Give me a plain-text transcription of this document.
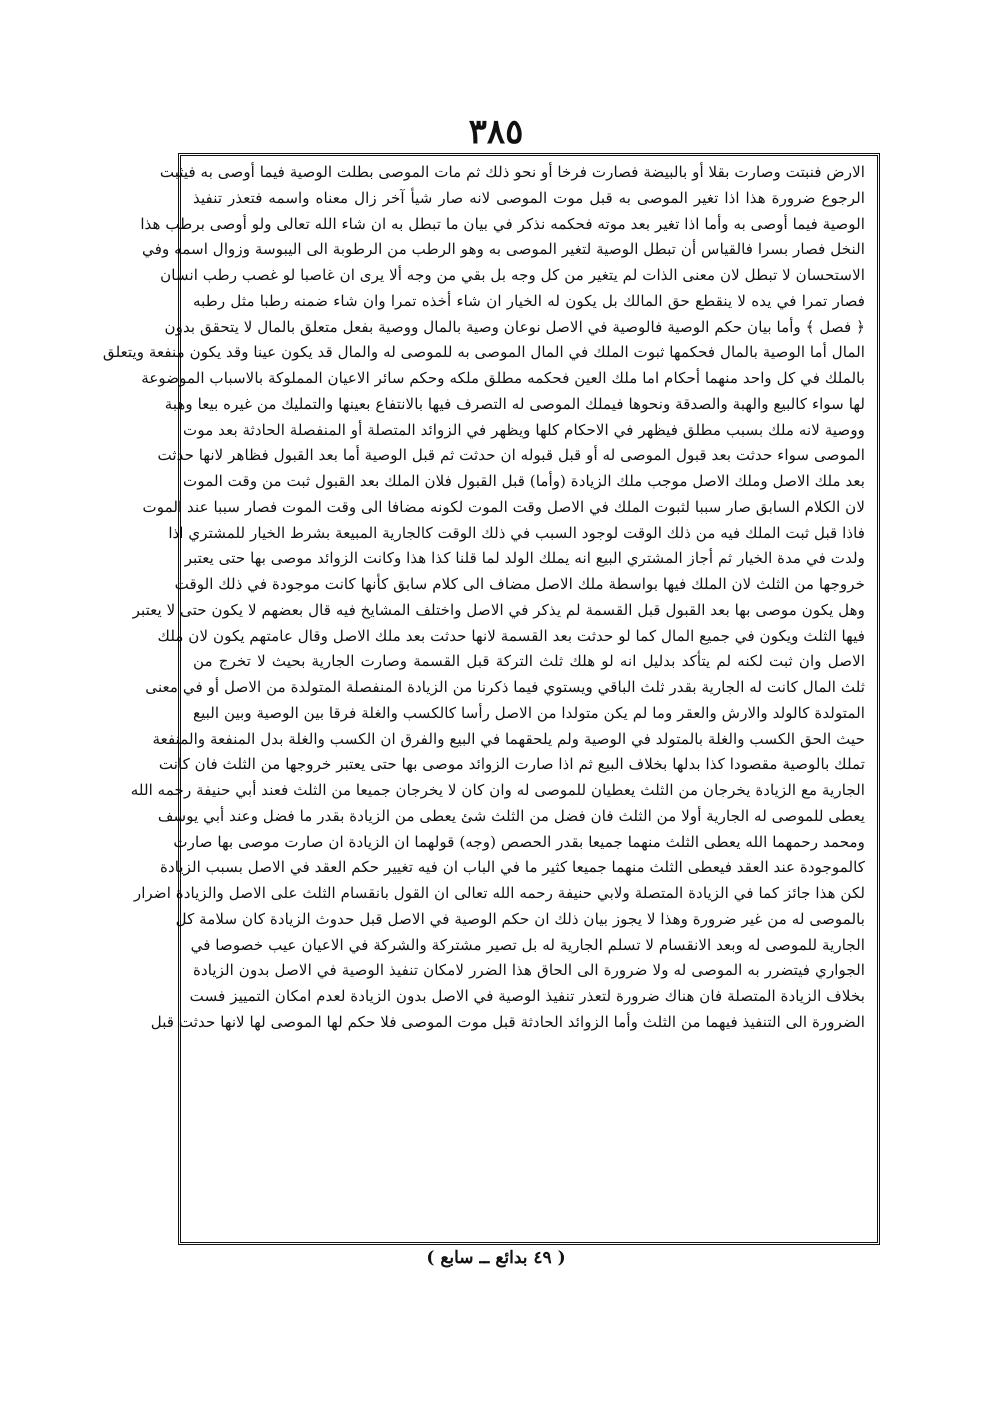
٣٨٥
الارض فنبتت وصارت بقلا أو بالبيضة فصارت فرخا أو نحو ذلك ثم مات الموصى بطلت الوصية فيما أوصى به فيثبت
الرجوع ضرورة هذا اذا تغير الموصى به قبل موت الموصى لانه صار شيأ آخر زال معناه واسمه فتعذر تنفيذ
الوصية فيما أوصى به وأما اذا تغير بعد موته فحكمه نذكر في بيان ما تبطل به ان شاء الله تعالى ولو أوصى برطب هذا
النخل فصار بسرا فالقياس أن تبطل الوصية لتغير الموصى به وهو الرطب من الرطوبة الى اليبوسة وزوال اسمه وفي
الاستحسان لا تبطل لان معنى الذات لم يتغير من كل وجه بل بقي من وجه ألا يرى ان غاصبا لو غصب رطب انسان
فصار تمرا في يده لا ينقطع حق المالك بل يكون له الخيار ان شاء أخذه تمرا وان شاء ضمنه رطبا مثل رطبه
﴿ فصل ﴾ وأما بيان حكم الوصية فالوصية في الاصل نوعان وصية بالمال ووصية بفعل متعلق بالمال لا يتحقق بدون
المال أما الوصية بالمال فحكمها ثبوت الملك في المال الموصى به للموصى له والمال قد يكون عينا وقد يكون منفعة ويتعلق
بالملك في كل واحد منهما أحكام اما ملك العين فحكمه مطلق ملكه وحكم سائر الاعيان المملوكة بالاسباب الموضوعة
لها سواء كالبيع والهبة والصدقة ونحوها فيملك الموصى له التصرف فيها بالانتفاع بعينها والتمليك من غيره بيعا وهبة
ووصية لانه ملك بسبب مطلق فيظهر في الاحكام كلها ويظهر في الزوائد المتصلة أو المنفصلة الحادثة بعد موت
الموصى سواء حدثت بعد قبول الموصى له أو قبل قبوله ان حدثت ثم قبل الوصية أما بعد القبول فظاهر لانها حدثت
بعد ملك الاصل وملك الاصل موجب ملك الزيادة (وأما) قبل القبول فلان الملك بعد القبول ثبت من وقت الموت
لان الكلام السابق صار سببا لثبوت الملك في الاصل وقت الموت لكونه مضافا الى وقت الموت فصار سببا عند الموت
فاذا قبل ثبت الملك فيه من ذلك الوقت لوجود السبب في ذلك الوقت كالجارية المبيعة بشرط الخيار للمشتري اذا
ولدت في مدة الخيار ثم أجاز المشتري البيع انه يملك الولد لما قلنا كذا هذا وكانت الزوائد موصى بها حتى يعتبر
خروجها من الثلث لان الملك فيها بواسطة ملك الاصل مضاف الى كلام سابق كأنها كانت موجودة في ذلك الوقت
وهل يكون موصى بها بعد القبول قبل القسمة لم يذكر في الاصل واختلف المشايخ فيه قال بعضهم لا يكون حتى لا يعتبر
فيها الثلث ويكون في جميع المال كما لو حدثت بعد القسمة لانها حدثت بعد ملك الاصل وقال عامتهم يكون لان ملك
الاصل وان ثبت لكنه لم يتأكد بدليل انه لو هلك ثلث التركة قبل القسمة وصارت الجارية بحيث لا تخرج من
ثلث المال كانت له الجارية بقدر ثلث الباقي ويستوي فيما ذكرنا من الزيادة المنفصلة المتولدة من الاصل أو في معنى
المتولدة كالولد والارش والعقر وما لم يكن متولدا من الاصل رأسا كالكسب والغلة فرقا بين الوصية وبين البيع
حيث الحق الكسب والغلة بالمتولد في الوصية ولم يلحقهما في البيع والفرق ان الكسب والغلة بدل المنفعة والمنفعة
تملك بالوصية مقصودا كذا بدلها بخلاف البيع ثم اذا صارت الزوائد موصى بها حتى يعتبر خروجها من الثلث فان كانت
الجارية مع الزيادة يخرجان من الثلث يعطيان للموصى له وان كان لا يخرجان جميعا من الثلث فعند أبي حنيفة رحمه الله
يعطى للموصى له الجارية أولا من الثلث فان فضل من الثلث شئ يعطى من الزيادة بقدر ما فضل وعند أبي يوسف
ومحمد رحمهما الله يعطى الثلث منهما جميعا بقدر الحصص (وجه) قولهما ان الزيادة ان صارت موصى بها صارت
كالموجودة عند العقد فيعطى الثلث منهما جميعا كثير ما في الباب ان فيه تغيير حكم العقد في الاصل بسبب الزيادة
لكن هذا جائز كما في الزيادة المتصلة ولابي حنيفة رحمه الله تعالى ان القول بانقسام الثلث على الاصل والزيادة اضرار
بالموصى له من غير ضرورة وهذا لا يجوز بيان ذلك ان حكم الوصية في الاصل قبل حدوث الزيادة كان سلامة كل
الجارية للموصى له وبعد الانقسام لا تسلم الجارية له بل تصير مشتركة والشركة في الاعيان عيب خصوصا في
الجواري فيتضرر به الموصى له ولا ضرورة الى الحاق هذا الضرر لامكان تنفيذ الوصية في الاصل بدون الزيادة
بخلاف الزيادة المتصلة فان هناك ضرورة لتعذر تنفيذ الوصية في الاصل بدون الزيادة لعدم امكان التمييز فست
الضرورة الى التنفيذ فيهما من الثلث وأما الزوائد الحادثة قبل موت الموصى فلا حكم لها الموصى لها لانها حدثت قبل
( ٤٩ بدائع ــ سابع )
